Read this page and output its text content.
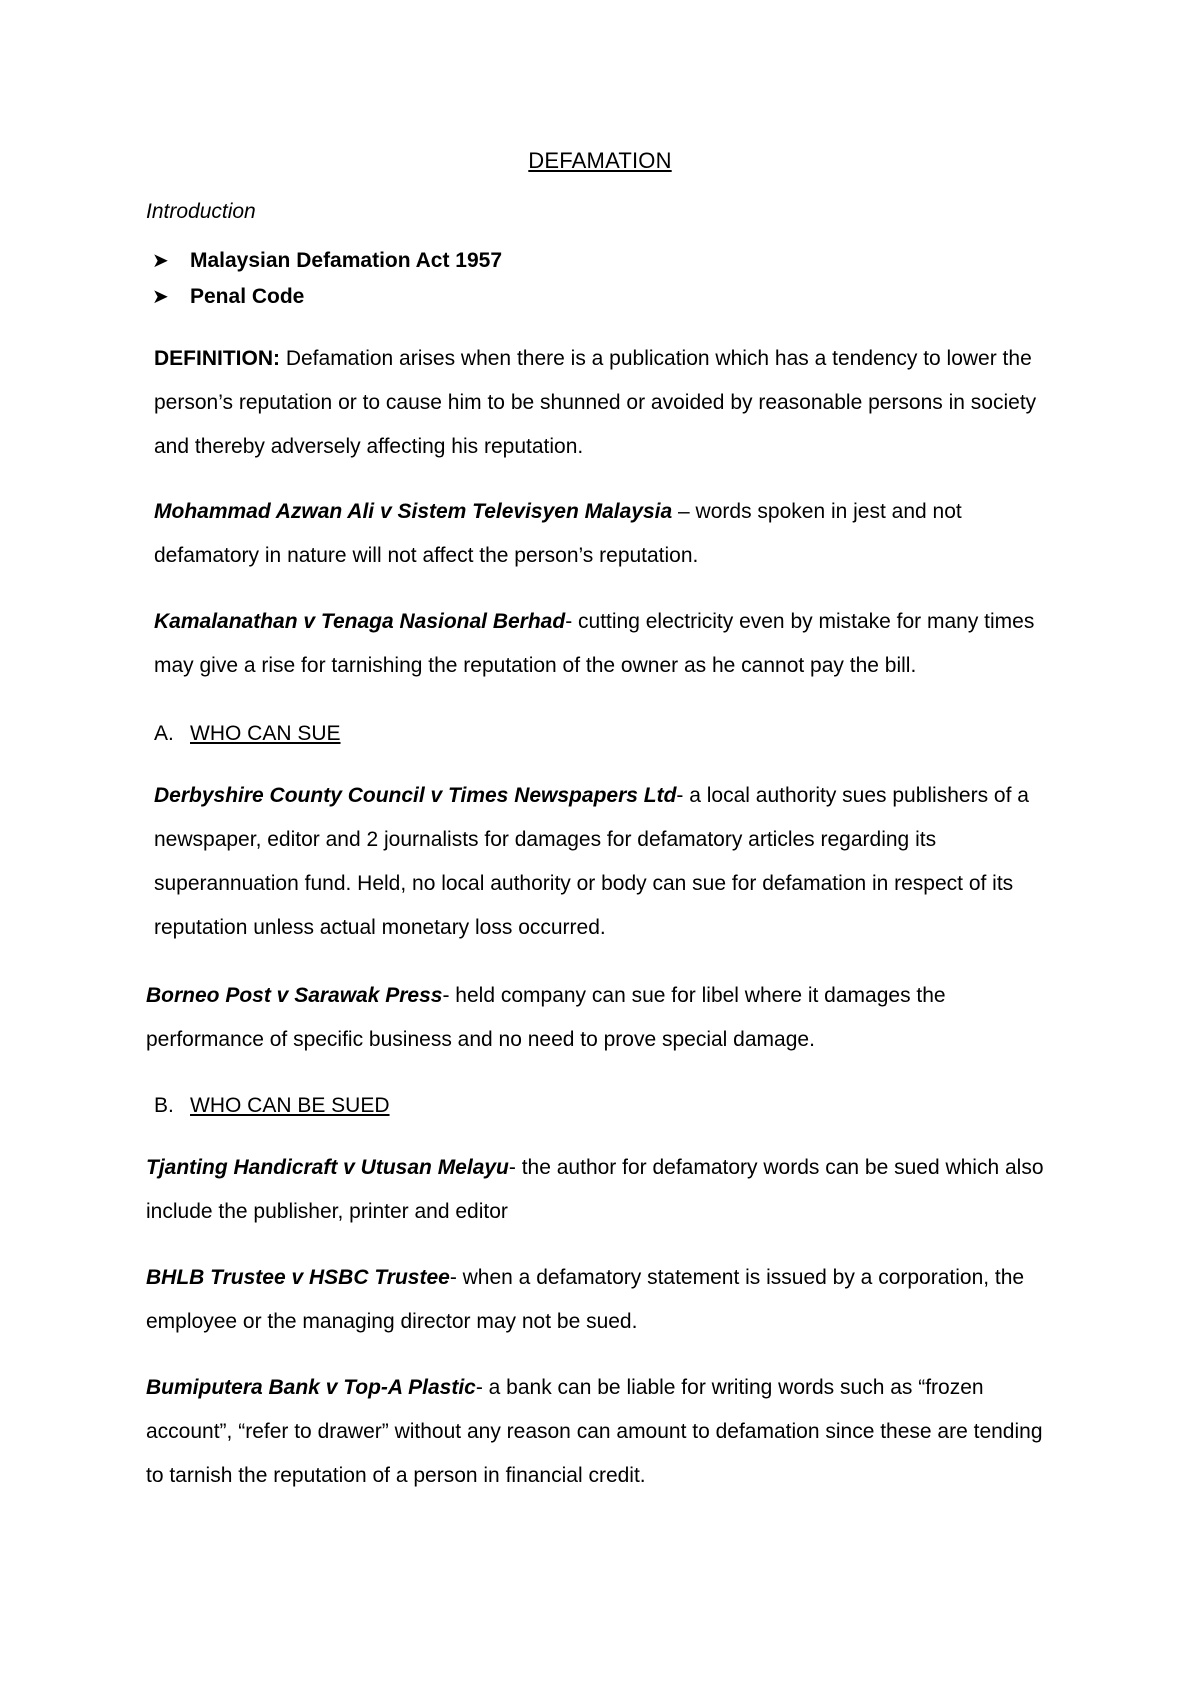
DEFAMATION
Introduction
➤ Malaysian Defamation Act 1957
➤ Penal Code
DEFINITION: Defamation arises when there is a publication which has a tendency to lower the person’s reputation or to cause him to be shunned or avoided by reasonable persons in society and thereby adversely affecting his reputation.
Mohammad Azwan Ali v Sistem Televisyen Malaysia – words spoken in jest and not defamatory in nature will not affect the person’s reputation.
Kamalanathan v Tenaga Nasional Berhad- cutting electricity even by mistake for many times may give a rise for tarnishing the reputation of the owner as he cannot pay the bill.
A. WHO CAN SUE
Derbyshire County Council v Times Newspapers Ltd- a local authority sues publishers of a newspaper, editor and 2 journalists for damages for defamatory articles regarding its superannuation fund. Held, no local authority or body can sue for defamation in respect of its reputation unless actual monetary loss occurred.
Borneo Post v Sarawak Press- held company can sue for libel where it damages the performance of specific business and no need to prove special damage.
B. WHO CAN BE SUED
Tjanting Handicraft v Utusan Melayu- the author for defamatory words can be sued which also include the publisher, printer and editor
BHLB Trustee v HSBC Trustee- when a defamatory statement is issued by a corporation, the employee or the managing director may not be sued.
Bumiputera Bank v Top-A Plastic- a bank can be liable for writing words such as “frozen account”, “refer to drawer” without any reason can amount to defamation since these are tending to tarnish the reputation of a person in financial credit.
